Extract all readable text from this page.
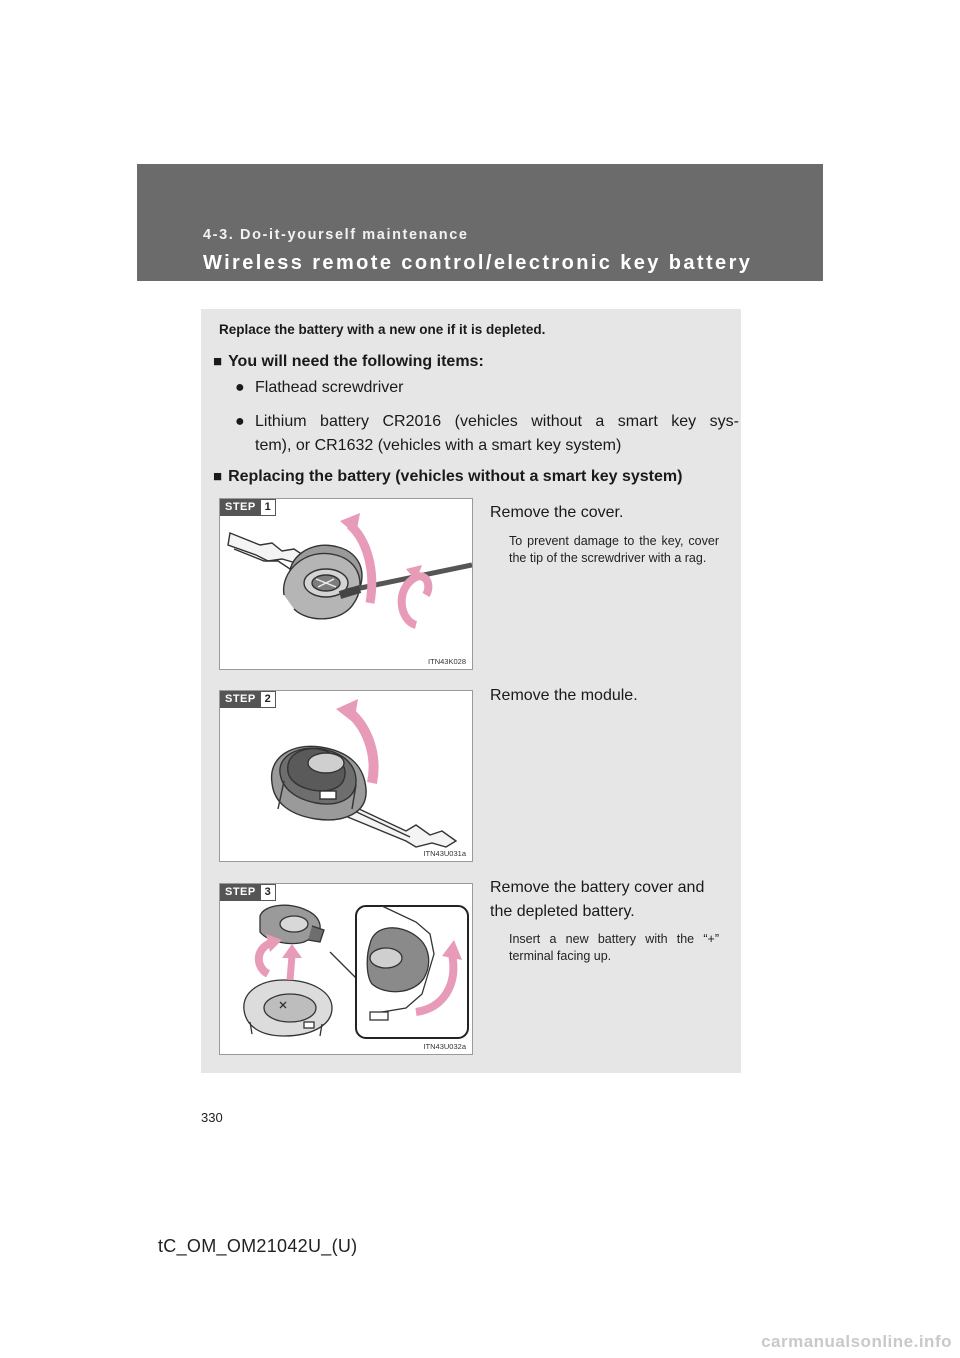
4-3. Do-it-yourself maintenance
Wireless remote control/electronic key battery
Replace the battery with a new one if it is depleted.
■ You will need the following items:
● Flathead screwdriver
● Lithium battery CR2016 (vehicles without a smart key sys-
tem), or CR1632 (vehicles with a smart key system)
■ Replacing the battery (vehicles without a smart key system)
STEP 1
ITN43K028
Remove the cover.
To prevent damage to the key, cover the tip of the screwdriver with a rag.
STEP 2
ITN43U031a
Remove the module.
STEP 3
ITN43U032a
Remove the battery cover and the depleted battery.
Insert a new battery with the “+” terminal facing up.
330
tC_OM_OM21042U_(U)
carmanualsonline.info
